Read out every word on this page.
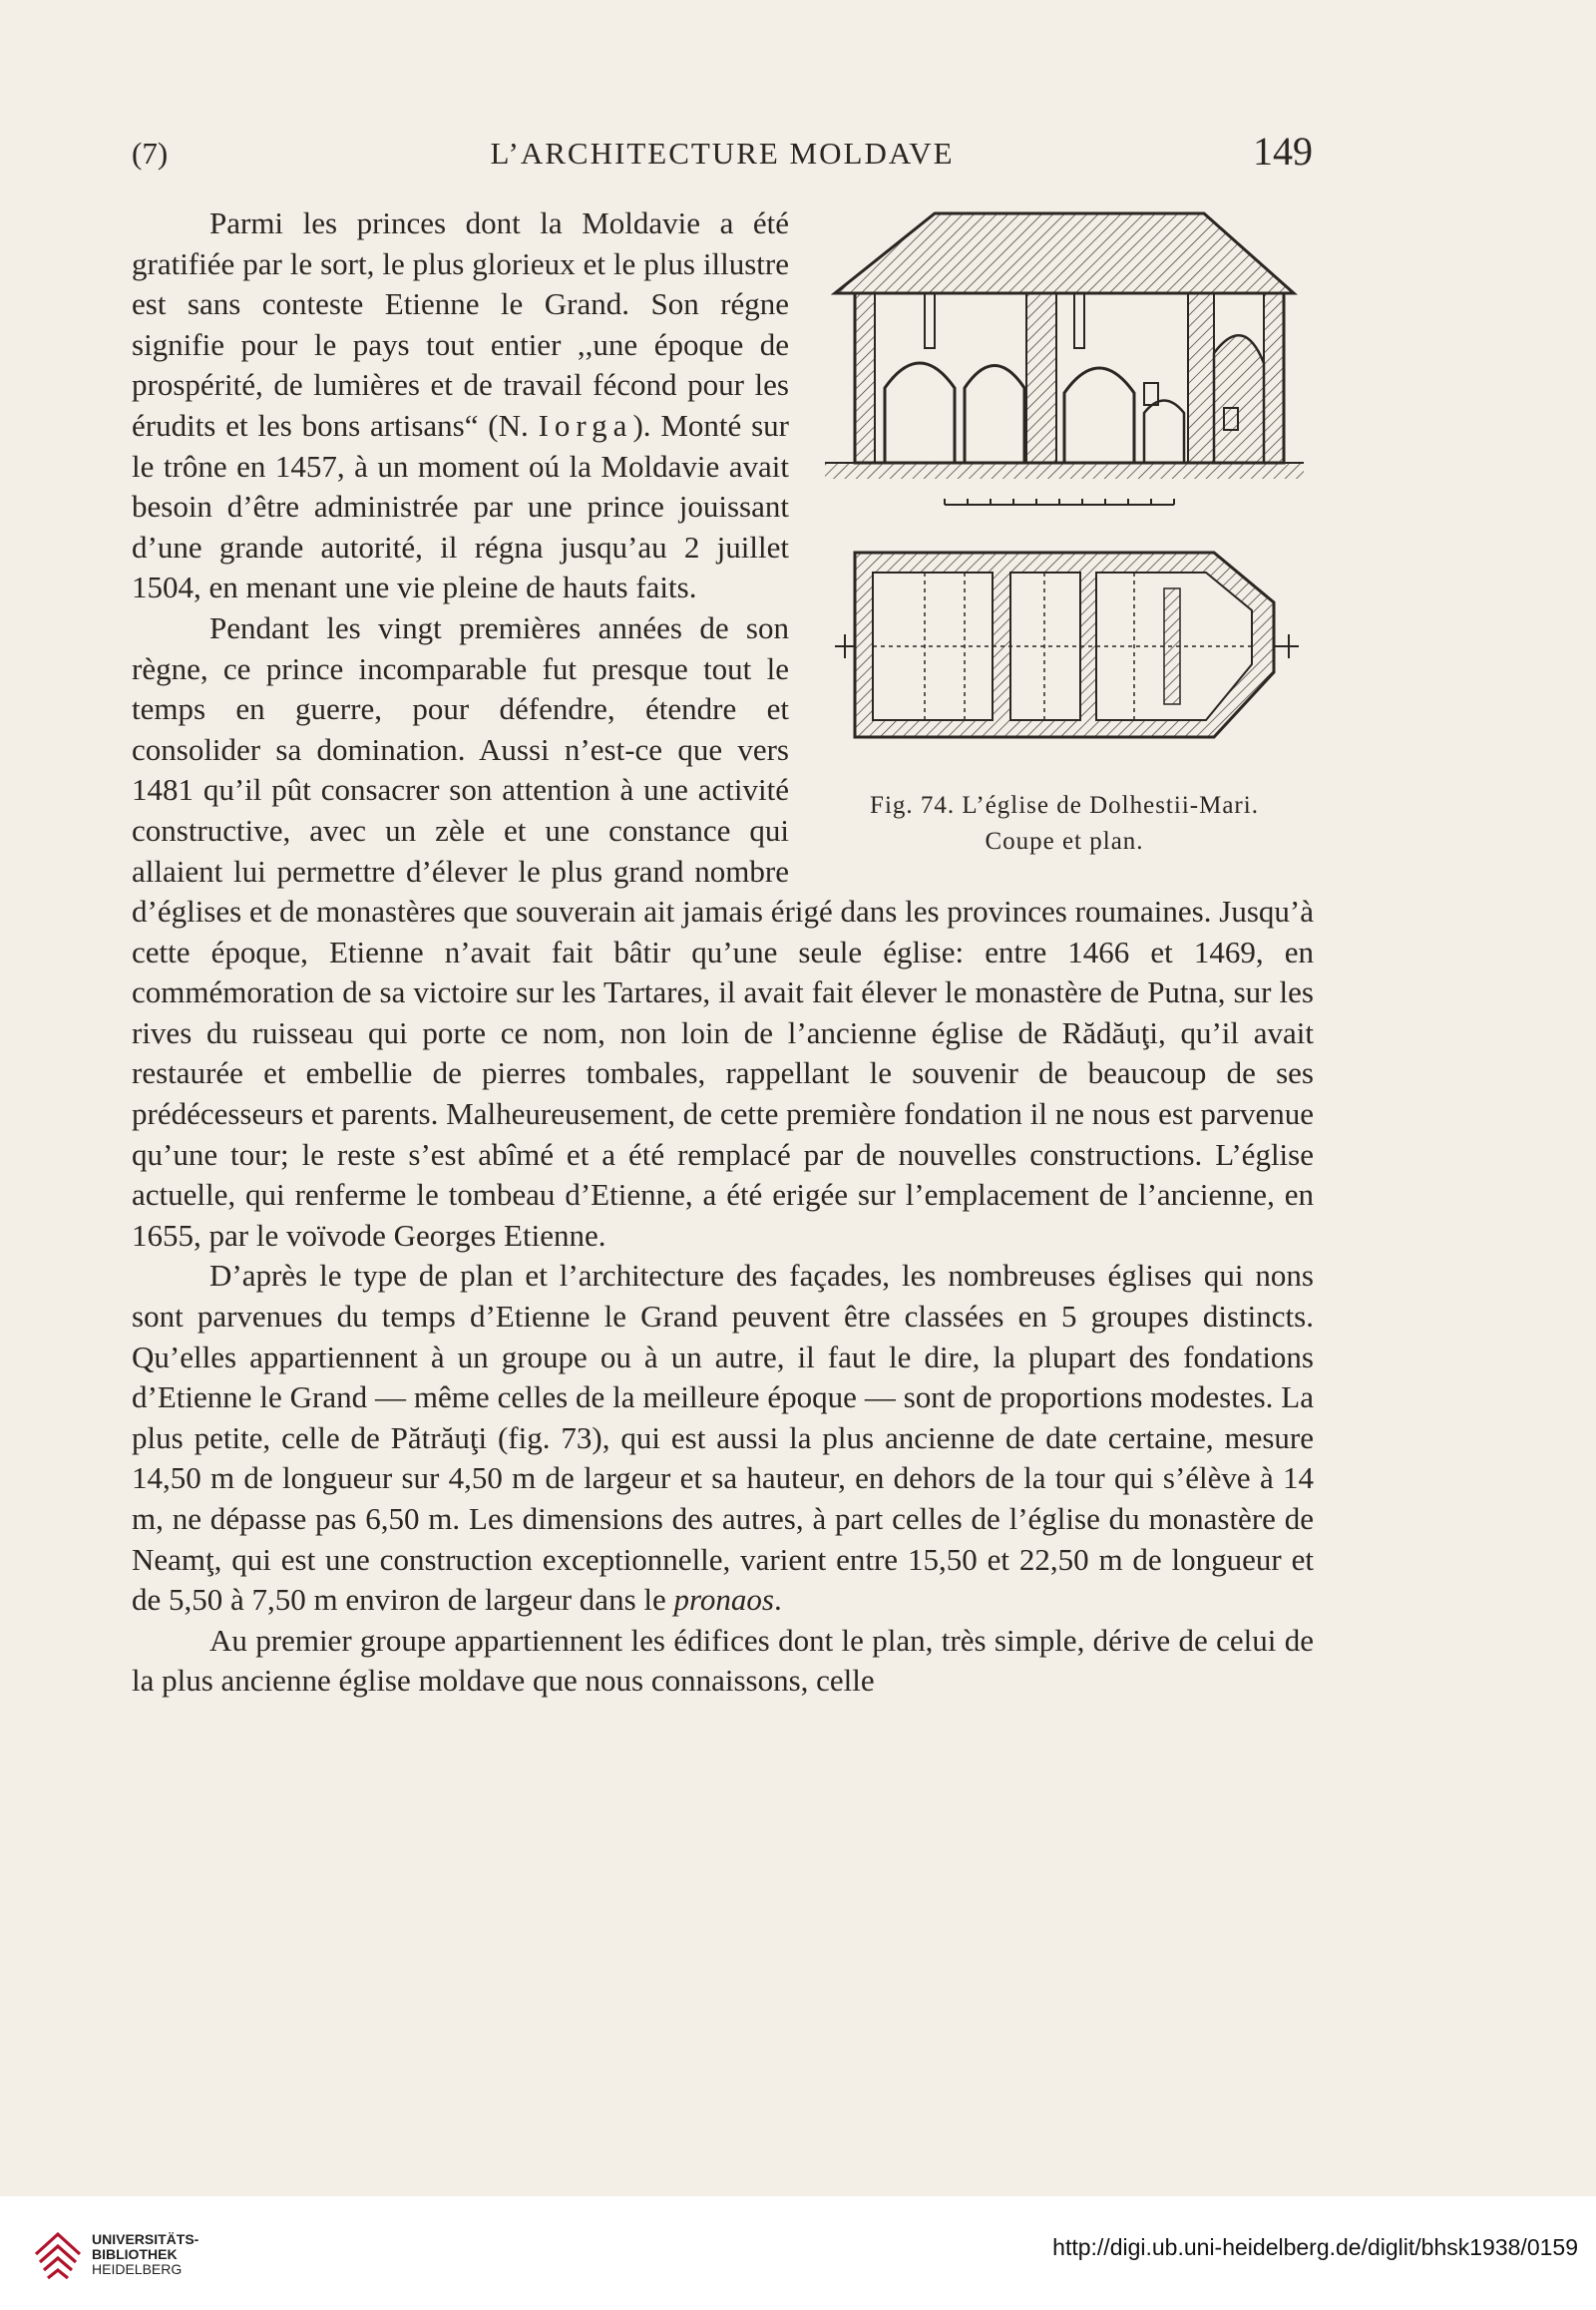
(7)	L’ARCHITECTURE MOLDAVE	149
Fig. 74. L’église de Dolhestii-Mari.
Coupe et plan.

Parmi les princes dont la Moldavie a été gratifiée par le sort, le plus glorieux et le plus illustre est sans conteste Etienne le Grand. Son régne signifie pour le pays tout entier ,,une époque de prospérité, de lumières et de travail fécond pour les érudits et les bons artisans“ (N. Iorga). Monté sur le trône en 1457, à un moment oú la Moldavie avait besoin d’être administrée par une prince jouissant d’une grande autorité, il régna jusqu’au 2 juillet 1504, en menant une vie pleine de hauts faits.

Pendant les vingt premières années de son règne, ce prince incomparable fut presque tout le temps en guerre, pour défendre, étendre et consolider sa domination. Aussi n’est-ce que vers 1481 qu’il pût consacrer son attention à une activité constructive, avec un zèle et une constance qui allaient lui permettre d’élever le plus grand nombre d’églises et de monastères que souverain ait jamais érigé dans les provinces roumaines. Jusqu’à cette époque, Etienne n’avait fait bâtir qu’une seule église: entre 1466 et 1469, en commémoration de sa victoire sur les Tartares, il avait fait élever le monastère de Putna, sur les rives du ruisseau qui porte ce nom, non loin de l’ancienne église de Rădăuţi, qu’il avait restaurée et embellie de pierres tombales, rappellant le souvenir de beaucoup de ses prédécesseurs et parents. Malheureusement, de cette première fondation il ne nous est parvenue qu’une tour; le reste s’est abîmé et a été remplacé par de nouvelles constructions. L’église actuelle, qui renferme le tombeau d’Etienne, a été erigée sur l’emplacement de l’ancienne, en 1655, par le voïvode Georges Etienne.

D’après le type de plan et l’architecture des façades, les nombreuses églises qui nons sont parvenues du temps d’Etienne le Grand peuvent être classées en 5 groupes distincts. Qu’elles appartiennent à un groupe ou à un autre, il faut le dire, la plupart des fondations d’Etienne le Grand — même celles de la meilleure époque — sont de proportions modestes. La plus petite, celle de Pătrăuţi (fig. 73), qui est aussi la plus ancienne de date certaine, mesure 14,50 m de longueur sur 4,50 m de largeur et sa hauteur, en dehors de la tour qui s’élève à 14 m, ne dépasse pas 6,50 m. Les dimensions des autres, à part celles de l’église du monastère de Neamţ, qui est une construction exceptionnelle, varient entre 15,50 et 22,50 m de longueur et de 5,50 à 7,50 m environ de largeur dans le pronaos.

Au premier groupe appartiennent les édifices dont le plan, très simple, dérive de celui de la plus ancienne église moldave que nous connaissons, celle

UNIVERSITÄTS-
BIBLIOTHEK
HEIDELBERG
http://digi.ub.uni-heidelberg.de/diglit/bhsk1938/0159
